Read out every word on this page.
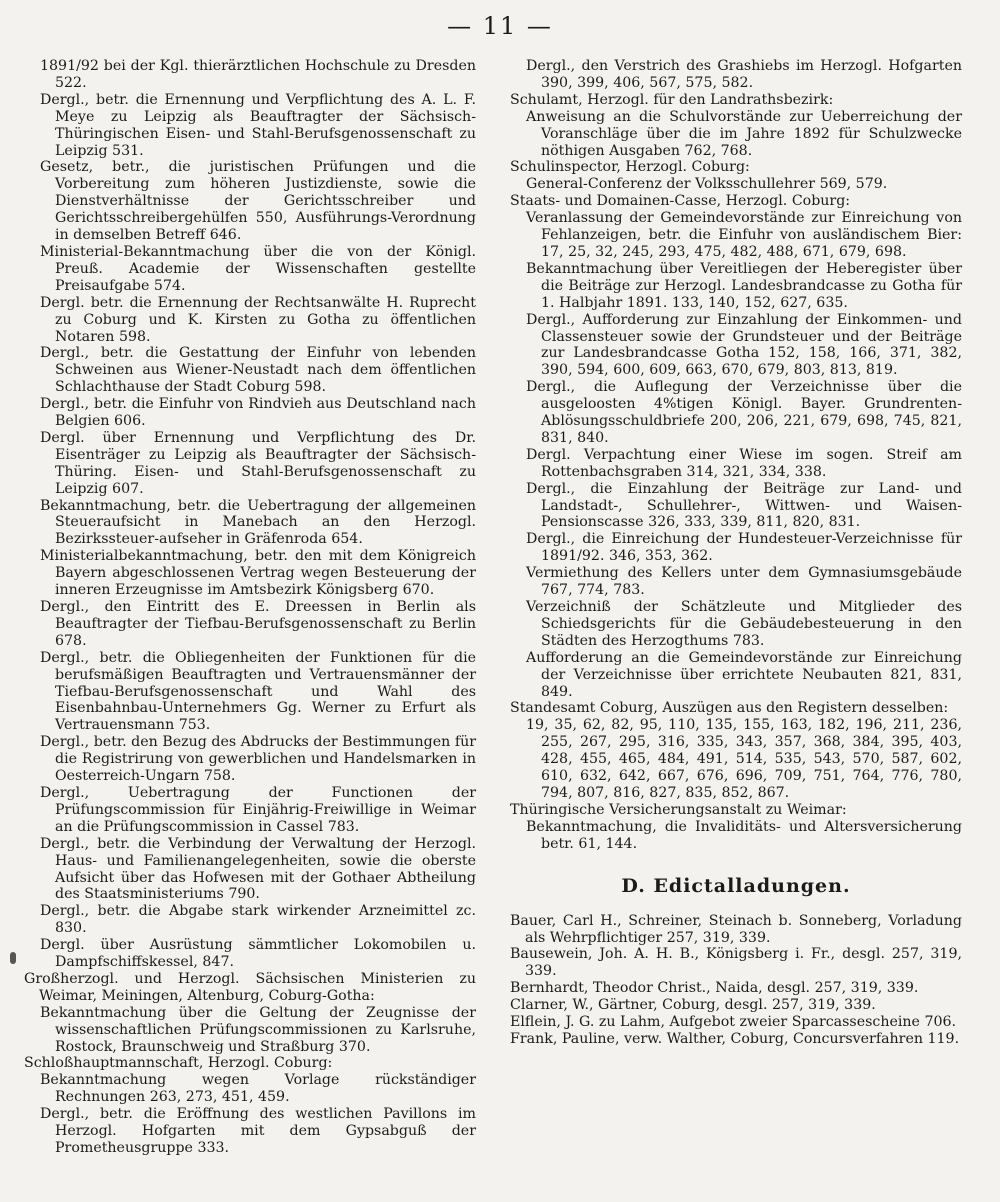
— 11 —

1891/92 bei der Kgl. thierärztlichen Hochschule zu Dresden 522.

Dergl., betr. die Ernennung und Verpflichtung des A. L. F. Meye zu Leipzig als Beauftragter der Sächsisch-Thüringischen Eisen- und Stahl-Berufsgenossenschaft zu Leipzig 531.

Gesetz, betr., die juristischen Prüfungen und die Vorbereitung zum höheren Justizdienste, sowie die Dienstverhältnisse der Gerichtsschreiber und Gerichtsschreibergehülfen 550, Ausführungs-Verordnung in demselben Betreff 646.

Ministerial-Bekanntmachung über die von der Königl. Preuß. Academie der Wissenschaften gestellte Preisaufgabe 574.

Dergl. betr. die Ernennung der Rechtsanwälte H. Ruprecht zu Coburg und K. Kirsten zu Gotha zu öffentlichen Notaren 598.

Dergl., betr. die Gestattung der Einfuhr von lebenden Schweinen aus Wiener-Neustadt nach dem öffentlichen Schlachthause der Stadt Coburg 598.

Dergl., betr. die Einfuhr von Rindvieh aus Deutschland nach Belgien 606.

Dergl. über Ernennung und Verpflichtung des Dr. Eisenträger zu Leipzig als Beauftragter der Sächsisch-Thüring. Eisen- und Stahl-Berufsgenossenschaft zu Leipzig 607.

Bekanntmachung, betr. die Uebertragung der allgemeinen Steueraufsicht in Manebach an den Herzogl. Bezirkssteuer-aufseher in Gräfenroda 654.

Ministerialbekanntmachung, betr. den mit dem Königreich Bayern abgeschlossenen Vertrag wegen Besteuerung der inneren Erzeugnisse im Amtsbezirk Königsberg 670.

Dergl., den Eintritt des E. Dreessen in Berlin als Beauftragter der Tiefbau-Berufsgenossenschaft zu Berlin 678.

Dergl., betr. die Obliegenheiten der Funktionen für die berufsmäßigen Beauftragten und Vertrauensmänner der Tiefbau-Berufsgenossenschaft und Wahl des Eisenbahnbau-Unternehmers Gg. Werner zu Erfurt als Vertrauensmann 753.

Dergl., betr. den Bezug des Abdrucks der Bestimmungen für die Registrirung von gewerblichen und Handelsmarken in Oesterreich-Ungarn 758.

Dergl., Uebertragung der Functionen der Prüfungscommission für Einjährig-Freiwillige in Weimar an die Prüfungscommission in Cassel 783.

Dergl., betr. die Verbindung der Verwaltung der Herzogl. Haus- und Familienangelegenheiten, sowie die oberste Aufsicht über das Hofwesen mit der Gothaer Abtheilung des Staatsministeriums 790.

Dergl., betr. die Abgabe stark wirkender Arzneimittel zc. 830.

Dergl. über Ausrüstung sämmtlicher Lokomobilen u. Dampfschiffskessel, 847.

Großherzogl. und Herzogl. Sächsischen Ministerien zu Weimar, Meiningen, Altenburg, Coburg-Gotha:

Bekanntmachung über die Geltung der Zeugnisse der wissenschaftlichen Prüfungscommissionen zu Karlsruhe, Rostock, Braunschweig und Straßburg 370.

Schloßhauptmannschaft, Herzogl. Coburg:

Bekanntmachung wegen Vorlage rückständiger Rechnungen 263, 273, 451, 459.

Dergl., betr. die Eröffnung des westlichen Pavillons im Herzogl. Hofgarten mit dem Gypsabguß der Prometheusgruppe 333.

Dergl., den Verstrich des Grashiebs im Herzogl. Hofgarten 390, 399, 406, 567, 575, 582.

Schulamt, Herzogl. für den Landrathsbezirk:

Anweisung an die Schulvorstände zur Ueberreichung der Voranschläge über die im Jahre 1892 für Schulzwecke nöthigen Ausgaben 762, 768.

Schulinspector, Herzogl. Coburg:

General-Conferenz der Volksschullehrer 569, 579.

Staats- und Domainen-Casse, Herzogl. Coburg:

Veranlassung der Gemeindevorstände zur Einreichung von Fehlanzeigen, betr. die Einfuhr von ausländischem Bier: 17, 25, 32, 245, 293, 475, 482, 488, 671, 679, 698.

Bekanntmachung über Vereitliegen der Heberegister über die Beiträge zur Herzogl. Landesbrandcasse zu Gotha für 1. Halbjahr 1891. 133, 140, 152, 627, 635.

Dergl., Aufforderung zur Einzahlung der Einkommen- und Classensteuer sowie der Grundsteuer und der Beiträge zur Landesbrandcasse Gotha 152, 158, 166, 371, 382, 390, 594, 600, 609, 663, 670, 679, 803, 813, 819.

Dergl., die Auflegung der Verzeichnisse über die ausgeloosten 4%tigen Königl. Bayer. Grundrenten-Ablösungsschuldbriefe 200, 206, 221, 679, 698, 745, 821, 831, 840.

Dergl. Verpachtung einer Wiese im sogen. Streif am Rottenbachsgraben 314, 321, 334, 338.

Dergl., die Einzahlung der Beiträge zur Land- und Landstadt-, Schullehrer-, Wittwen- und Waisen-Pensionscasse 326, 333, 339, 811, 820, 831.

Dergl., die Einreichung der Hundesteuer-Verzeichnisse für 1891/92. 346, 353, 362.

Vermiethung des Kellers unter dem Gymnasiumsgebäude 767, 774, 783.

Verzeichniß der Schätzleute und Mitglieder des Schiedsgerichts für die Gebäudebesteuerung in den Städten des Herzogthums 783.

Aufforderung an die Gemeindevorstände zur Einreichung der Verzeichnisse über errichtete Neubauten 821, 831, 849.

Standesamt Coburg, Auszügen aus den Registern desselben:

19, 35, 62, 82, 95, 110, 135, 155, 163, 182, 196, 211, 236, 255, 267, 295, 316, 335, 343, 357, 368, 384, 395, 403, 428, 455, 465, 484, 491, 514, 535, 543, 570, 587, 602, 610, 632, 642, 667, 676, 696, 709, 751, 764, 776, 780, 794, 807, 816, 827, 835, 852, 867.

Thüringische Versicherungsanstalt zu Weimar:

Bekanntmachung, die Invaliditäts- und Altersversicherung betr. 61, 144.

D. Edictalladungen.

Bauer, Carl H., Schreiner, Steinach b. Sonneberg, Vorladung als Wehrpflichtiger 257, 319, 339.

Bausewein, Joh. A. H. B., Königsberg i. Fr., desgl. 257, 319, 339.

Bernhardt, Theodor Christ., Naida, desgl. 257, 319, 339.

Clarner, W., Gärtner, Coburg, desgl. 257, 319, 339.

Elflein, J. G. zu Lahm, Aufgebot zweier Sparcassescheine 706.

Frank, Pauline, verw. Walther, Coburg, Concursverfahren 119.
